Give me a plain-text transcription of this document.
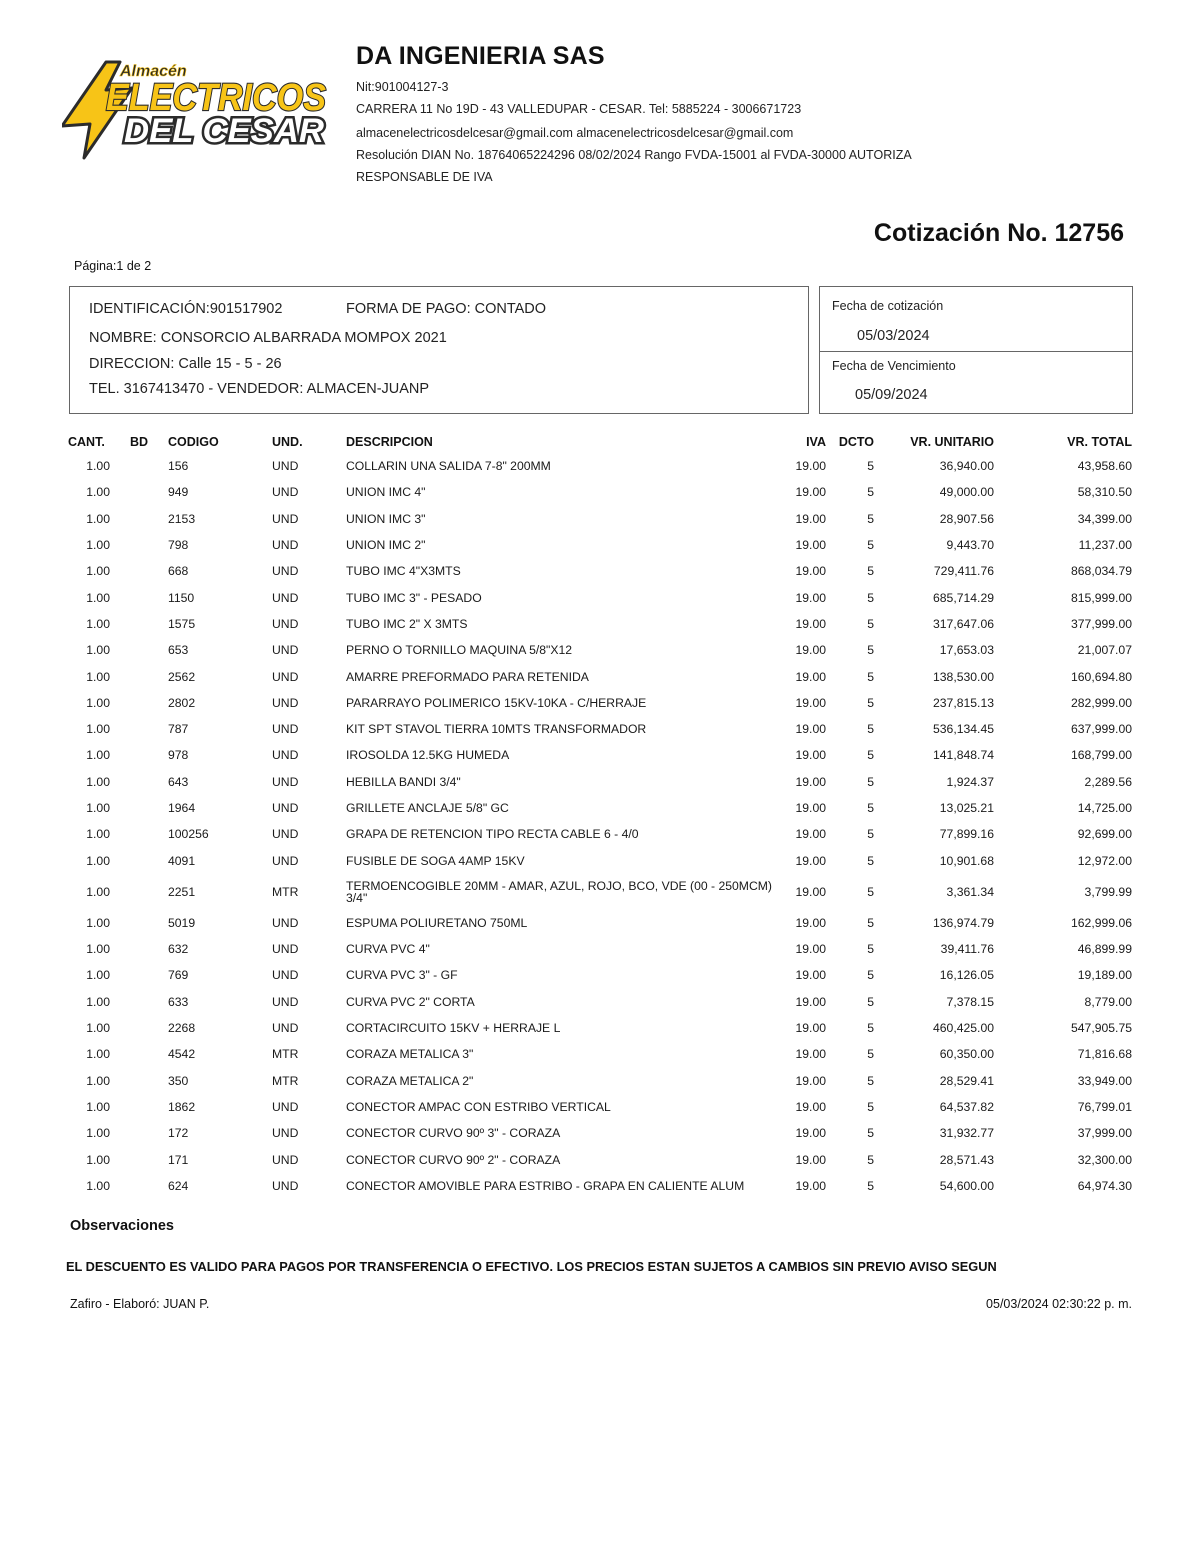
Almacén
ELECTRICOS
DEL CESAR
DA INGENIERIA SAS
Nit:901004127-3
CARRERA 11 No 19D - 43 VALLEDUPAR - CESAR. Tel: 5885224 - 3006671723
almacenelectricosdelcesar@gmail.com almacenelectricosdelcesar@gmail.com
Resolución DIAN No. 18764065224296 08/02/2024 Rango FVDA-15001 al FVDA-30000 AUTORIZA
RESPONSABLE DE IVA
Cotización No. 12756
Página:1 de 2
IDENTIFICACIÓN:901517902	FORMA DE PAGO: CONTADO
NOMBRE: CONSORCIO ALBARRADA MOMPOX 2021
DIRECCION: Calle 15 - 5 - 26
TEL. 3167413470 - VENDEDOR: ALMACEN-JUANP
Fecha de cotización
05/03/2024
Fecha de Vencimiento
05/09/2024
CANT.	BD	CODIGO	UND.	DESCRIPCION	IVA	DCTO	VR. UNITARIO	VR. TOTAL
1.00		156	UND	COLLARIN UNA SALIDA 7-8" 200MM	19.00	5	36,940.00	43,958.60
1.00		949	UND	UNION IMC 4"	19.00	5	49,000.00	58,310.50
1.00		2153	UND	UNION IMC 3"	19.00	5	28,907.56	34,399.00
1.00		798	UND	UNION IMC 2"	19.00	5	9,443.70	11,237.00
1.00		668	UND	TUBO IMC 4"X3MTS	19.00	5	729,411.76	868,034.79
1.00		1150	UND	TUBO IMC 3" - PESADO	19.00	5	685,714.29	815,999.00
1.00		1575	UND	TUBO IMC 2" X 3MTS	19.00	5	317,647.06	377,999.00
1.00		653	UND	PERNO O TORNILLO MAQUINA 5/8"X12	19.00	5	17,653.03	21,007.07
1.00		2562	UND	AMARRE PREFORMADO PARA RETENIDA	19.00	5	138,530.00	160,694.80
1.00		2802	UND	PARARRAYO POLIMERICO 15KV-10KA - C/HERRAJE	19.00	5	237,815.13	282,999.00
1.00		787	UND	KIT SPT STAVOL TIERRA 10MTS TRANSFORMADOR	19.00	5	536,134.45	637,999.00
1.00		978	UND	IROSOLDA 12.5KG HUMEDA	19.00	5	141,848.74	168,799.00
1.00		643	UND	HEBILLA BANDI 3/4"	19.00	5	1,924.37	2,289.56
1.00		1964	UND	GRILLETE ANCLAJE 5/8" GC	19.00	5	13,025.21	14,725.00
1.00		100256	UND	GRAPA DE RETENCION TIPO RECTA CABLE 6 - 4/0	19.00	5	77,899.16	92,699.00
1.00		4091	UND	FUSIBLE DE SOGA 4AMP 15KV	19.00	5	10,901.68	12,972.00
1.00		2251	MTR	TERMOENCOGIBLE 20MM - AMAR, AZUL, ROJO, BCO, VDE (00 - 250MCM) 3/4"	19.00	5	3,361.34	3,799.99
1.00		5019	UND	ESPUMA POLIURETANO 750ML	19.00	5	136,974.79	162,999.06
1.00		632	UND	CURVA PVC 4"	19.00	5	39,411.76	46,899.99
1.00		769	UND	CURVA PVC 3" - GF	19.00	5	16,126.05	19,189.00
1.00		633	UND	CURVA PVC 2" CORTA	19.00	5	7,378.15	8,779.00
1.00		2268	UND	CORTACIRCUITO 15KV + HERRAJE L	19.00	5	460,425.00	547,905.75
1.00		4542	MTR	CORAZA METALICA 3"	19.00	5	60,350.00	71,816.68
1.00		350	MTR	CORAZA METALICA 2"	19.00	5	28,529.41	33,949.00
1.00		1862	UND	CONECTOR AMPAC CON ESTRIBO VERTICAL	19.00	5	64,537.82	76,799.01
1.00		172	UND	CONECTOR CURVO 90º 3" - CORAZA	19.00	5	31,932.77	37,999.00
1.00		171	UND	CONECTOR CURVO 90º 2" - CORAZA	19.00	5	28,571.43	32,300.00
1.00		624	UND	CONECTOR AMOVIBLE PARA ESTRIBO - GRAPA EN CALIENTE ALUM	19.00	5	54,600.00	64,974.30
Observaciones
EL DESCUENTO ES VALIDO PARA PAGOS POR TRANSFERENCIA O EFECTIVO. LOS PRECIOS ESTAN SUJETOS A CAMBIOS SIN PREVIO AVISO SEGUN
Zafiro - Elaboró: JUAN P.	05/03/2024 02:30:22 p. m.
